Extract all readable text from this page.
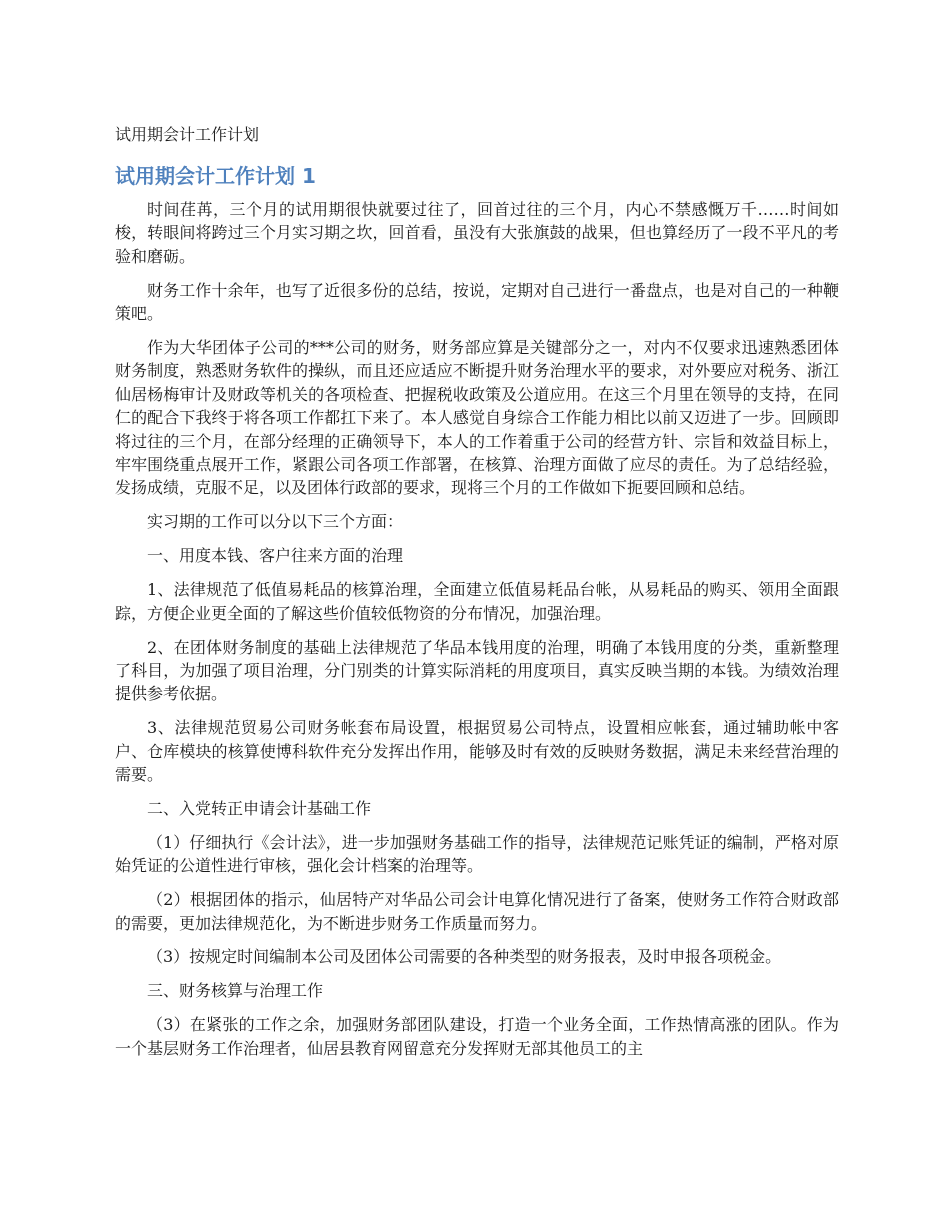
试用期会计工作计划
试用期会计工作计划 1

时间荏苒，三个月的试用期很快就要过往了，回首过往的三个月，内心不禁感慨万千……时间如梭，转眼间将跨过三个月实习期之坎，回首看，虽没有大张旗鼓的战果，但也算经历了一段不平凡的考验和磨砺。

财务工作十余年，也写了近很多份的总结，按说，定期对自己进行一番盘点，也是对自己的一种鞭策吧。

作为大华团体子公司的***公司的财务，财务部应算是关键部分之一，对内不仅要求迅速熟悉团体财务制度，熟悉财务软件的操纵，而且还应适应不断提升财务治理水平的要求，对外要应对税务、浙江仙居杨梅审计及财政等机关的各项检查、把握税收政策及公道应用。在这三个月里在领导的支持，在同仁的配合下我终于将各项工作都扛下来了。本人感觉自身综合工作能力相比以前又迈进了一步。回顾即将过往的三个月，在部分经理的正确领导下，本人的工作着重于公司的经营方针、宗旨和效益目标上，牢牢围绕重点展开工作，紧跟公司各项工作部署，在核算、治理方面做了应尽的责任。为了总结经验，发扬成绩，克服不足，以及团体行政部的要求，现将三个月的工作做如下扼要回顾和总结。

实习期的工作可以分以下三个方面：

一、用度本钱、客户往来方面的治理

1、法律规范了低值易耗品的核算治理，全面建立低值易耗品台帐，从易耗品的购买、领用全面跟踪，方便企业更全面的了解这些价值较低物资的分布情况，加强治理。

2、在团体财务制度的基础上法律规范了华品本钱用度的治理，明确了本钱用度的分类，重新整理了科目，为加强了项目治理，分门别类的计算实际消耗的用度项目，真实反映当期的本钱。为绩效治理提供参考依据。

3、法律规范贸易公司财务帐套布局设置，根据贸易公司特点，设置相应帐套，通过辅助帐中客户、仓库模块的核算使博科软件充分发挥出作用，能够及时有效的反映财务数据，满足未来经营治理的需要。

二、入党转正申请会计基础工作

（1）仔细执行《会计法》，进一步加强财务基础工作的指导，法律规范记账凭证的编制，严格对原始凭证的公道性进行审核，强化会计档案的治理等。

（2）根据团体的指示，仙居特产对华品公司会计电算化情况进行了备案，使财务工作符合财政部的需要，更加法律规范化，为不断进步财务工作质量而努力。

（3）按规定时间编制本公司及团体公司需要的各种类型的财务报表，及时申报各项税金。

三、财务核算与治理工作

（3）在紧张的工作之余，加强财务部团队建设，打造一个业务全面，工作热情高涨的团队。作为一个基层财务工作治理者，仙居县教育网留意充分发挥财无部其他员工的主
